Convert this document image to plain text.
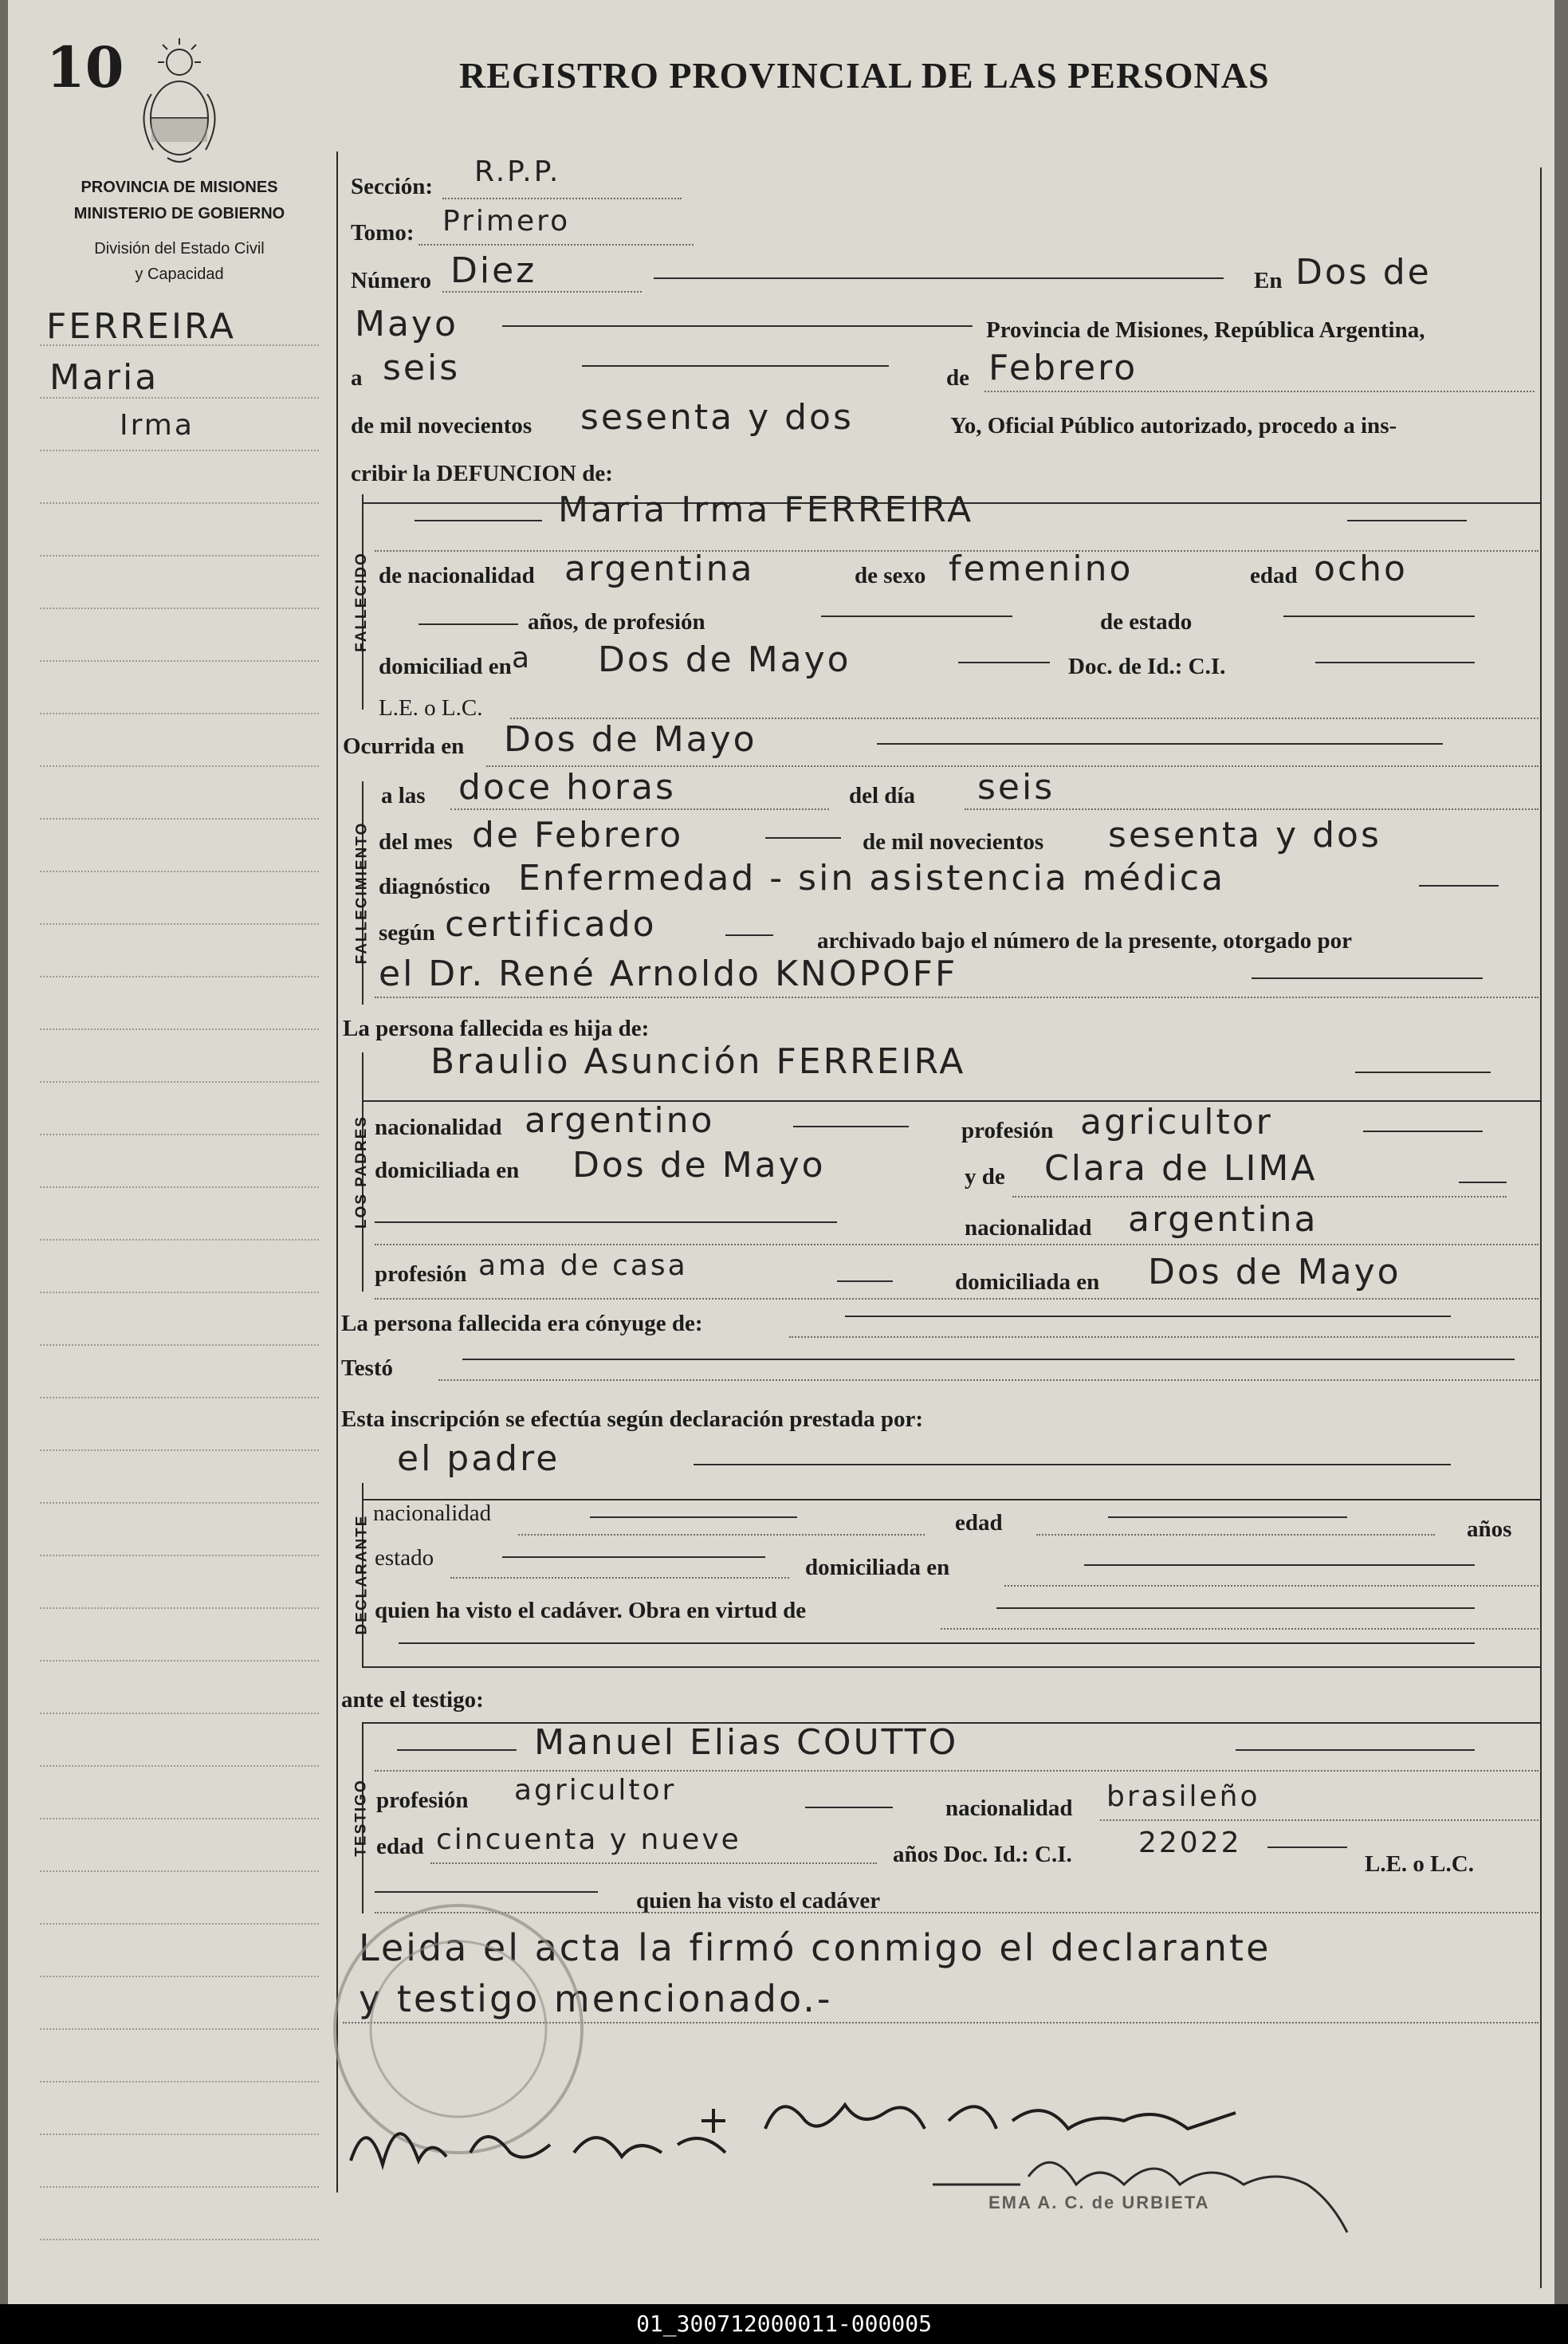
10	REGISTRO PROVINCIAL DE LAS PERSONAS
PROVINCIA DE MISIONES
MINISTERIO DE GOBIERNO
División del Estado Civil
y Capacidad
FERREIRA
Maria
Irma
FALLECIDO
FALLECIMIENTO
LOS PADRES
DECLARANTE
TESTIGO
Sección: R.P.P.
Tomo: Primero
Número Diez	En Dos de
Mayo	Provincia de Misiones, República Argentina,
a seis	de Febrero
de mil novecientos sesenta y dos	Yo, Oficial Público autorizado, procedo a ins-
cribir la DEFUNCION de:
Maria Irma FERREIRA
de nacionalidad argentina	de sexo femenino	edad ocho
años, de profesión	de estado
domiciliad en a Dos de Mayo	Doc. de Id.: C.I.
L.E. o L.C.
Ocurrida en Dos de Mayo
a las doce horas	del día seis
del mes de Febrero	de mil novecientos sesenta y dos
diagnóstico Enfermedad - sin asistencia médica
según certificado	archivado bajo el número de la presente, otorgado por
el Dr. René Arnoldo KNOPOFF
La persona fallecida es hija de:
Braulio Asunción FERREIRA
nacionalidad argentino	profesión agricultor
domiciliada en Dos de Mayo	y de Clara de LIMA
nacionalidad argentina
profesión ama de casa	domiciliada en Dos de Mayo
La persona fallecida era cónyuge de:
Testó
Esta inscripción se efectúa según declaración prestada por:
el padre
nacionalidad	edad	años
estado	domiciliada en
quien ha visto el cadáver. Obra en virtud de
ante el testigo:
Manuel Elias COUTTO
profesión agricultor
nacionalidad brasileño
edad cincuenta y nueve	años Doc. Id.: C.I. 22022
L.E. o L.C.
quien ha visto el cadáver
Leida el acta la firmó conmigo el declarante
y testigo mencionado.-
EMA A. C. de URBIETA
01_300712000011-000005
